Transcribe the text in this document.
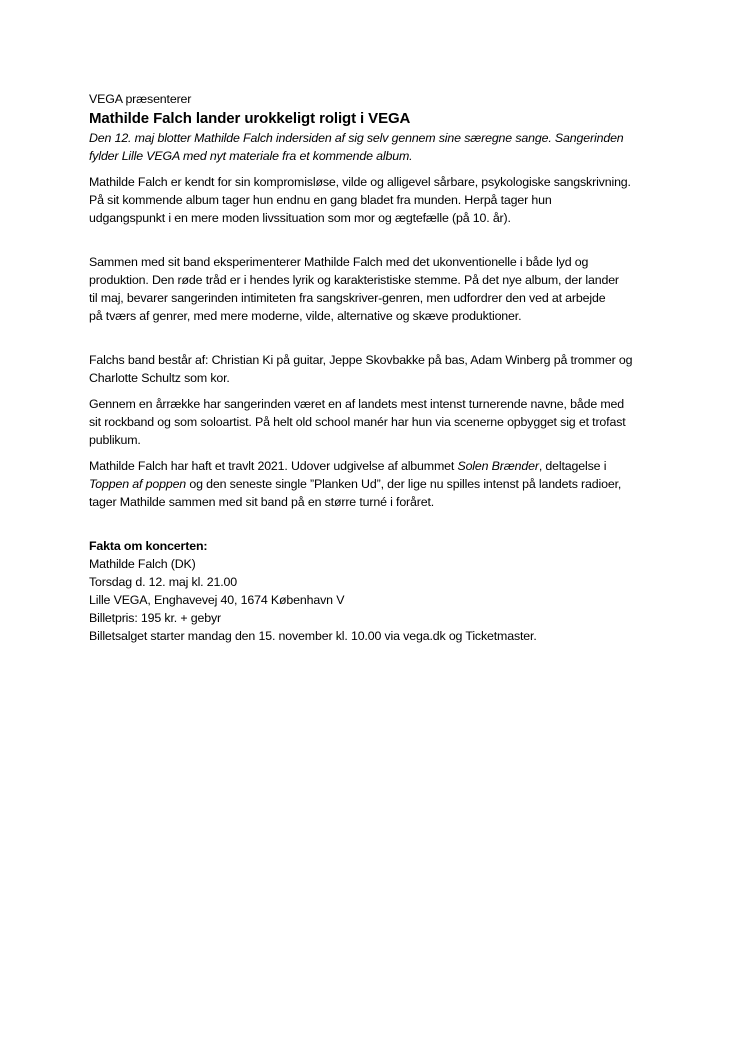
VEGA præsenterer

Mathilde Falch lander urokkeligt roligt i VEGA

Den 12. maj blotter Mathilde Falch indersiden af sig selv gennem sine særegne sange. Sangerinden
fylder Lille VEGA med nyt materiale fra et kommende album.

Mathilde Falch er kendt for sin kompromisløse, vilde og alligevel sårbare, psykologiske sangskrivning.
På sit kommende album tager hun endnu en gang bladet fra munden. Herpå tager hun
udgangspunkt i en mere moden livssituation som mor og ægtefælle (på 10. år).

Sammen med sit band eksperimenterer Mathilde Falch med det ukonventionelle i både lyd og
produktion. Den røde tråd er i hendes lyrik og karakteristiske stemme. På det nye album, der lander
til maj, bevarer sangerinden intimiteten fra sangskriver-genren, men udfordrer den ved at arbejde
på tværs af genrer, med mere moderne, vilde, alternative og skæve produktioner.

Falchs band består af: Christian Ki på guitar, Jeppe Skovbakke på bas, Adam Winberg på trommer og
Charlotte Schultz som kor.

Gennem en årrække har sangerinden været en af landets mest intenst turnerende navne, både med
sit rockband og som soloartist. På helt old school manér har hun via scenerne opbygget sig et trofast
publikum.

Mathilde Falch har haft et travlt 2021. Udover udgivelse af albummet Solen Brænder, deltagelse i
Toppen af poppen og den seneste single ”Planken Ud”, der lige nu spilles intenst på landets radioer,
tager Mathilde sammen med sit band på en større turné i foråret.

Fakta om koncerten:
Mathilde Falch (DK)
Torsdag d. 12. maj kl. 21.00
Lille VEGA, Enghavevej 40, 1674 København V
Billetpris: 195 kr. + gebyr
Billetsalget starter mandag den 15. november kl. 10.00 via vega.dk og Ticketmaster.
